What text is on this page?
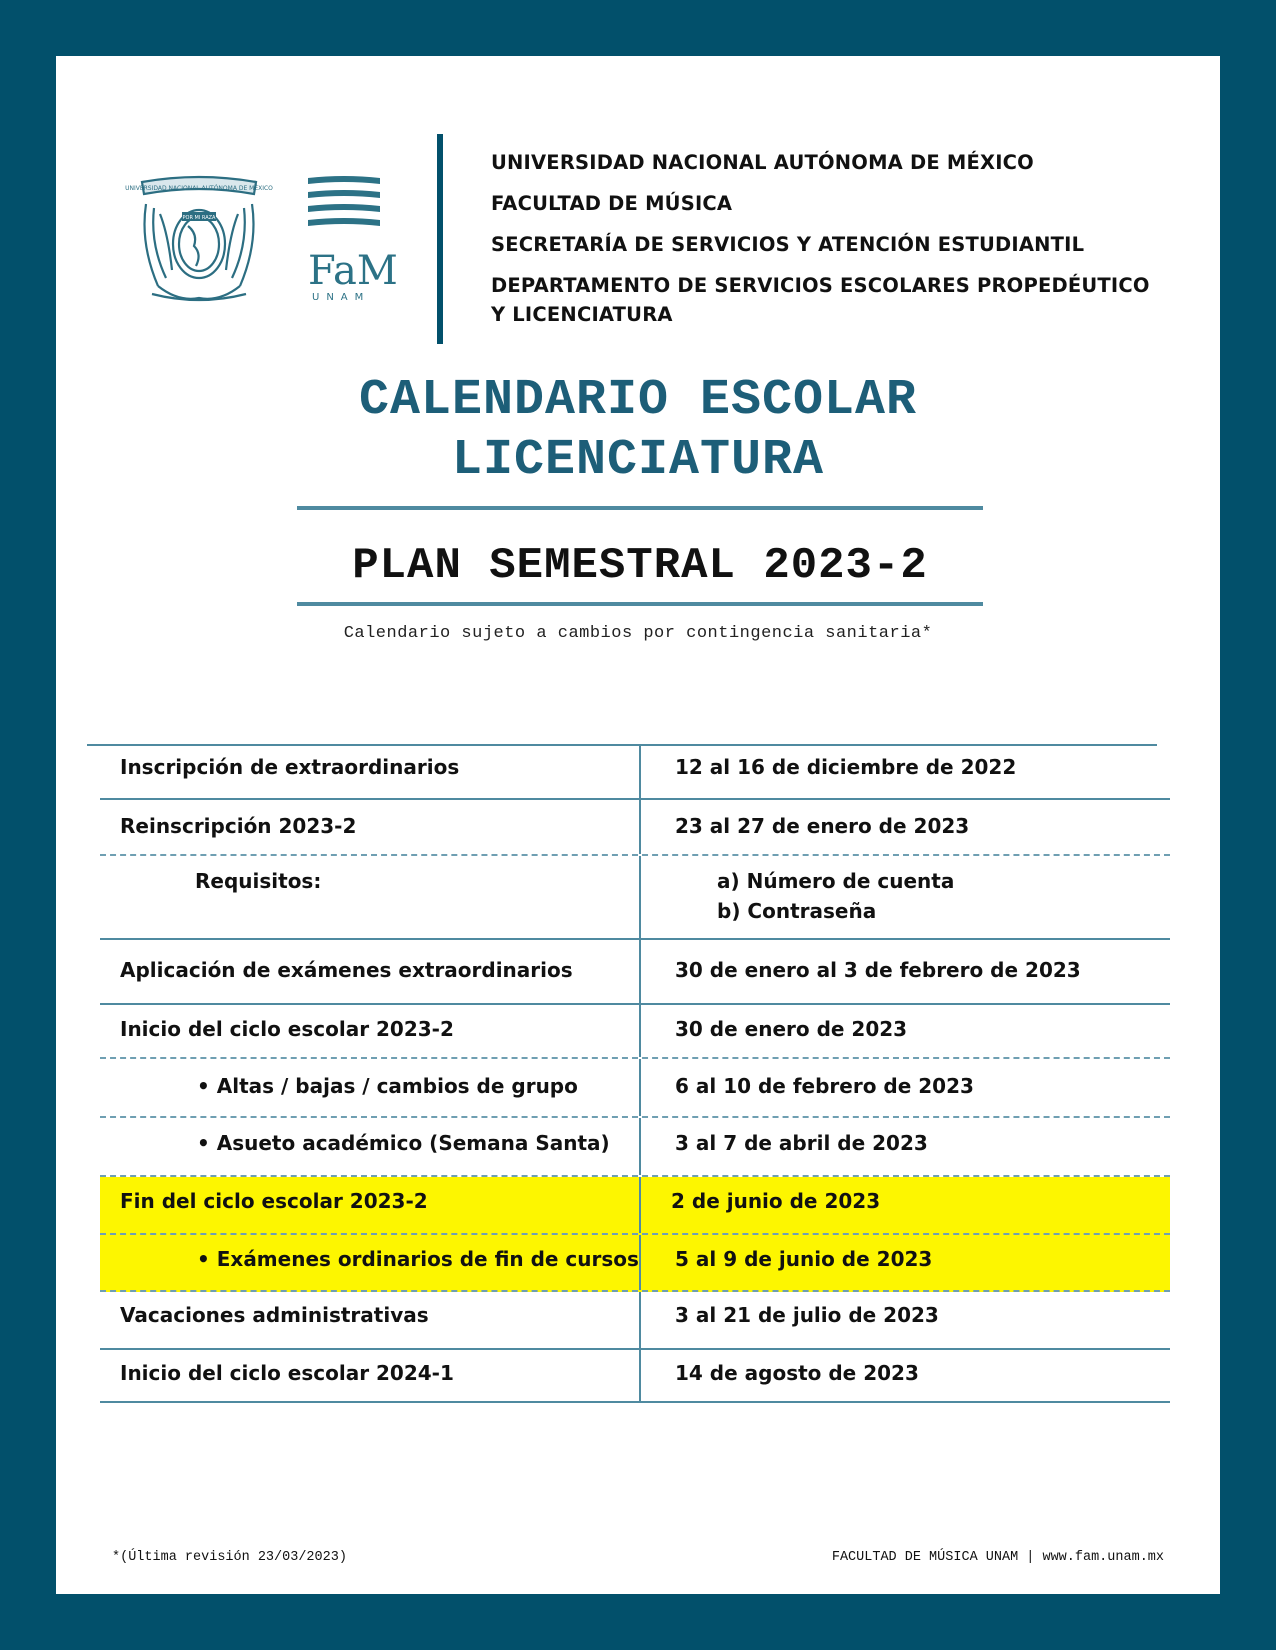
UNIVERSIDAD NACIONAL AUTÓNOMA DE MÉXICO
POR MI RAZA
FaM
UNAM
UNIVERSIDAD NACIONAL AUTÓNOMA DE MÉXICO
FACULTAD DE MÚSICA
SECRETARÍA DE SERVICIOS Y ATENCIÓN ESTUDIANTIL
DEPARTAMENTO DE SERVICIOS ESCOLARES PROPEDÉUTICO
Y LICENCIATURA
CALENDARIO ESCOLAR
LICENCIATURA
PLAN SEMESTRAL 2023-2
Calendario sujeto a cambios por contingencia sanitaria*
Inscripción de extraordinarios	12 al 16 de diciembre de 2022
Reinscripción 2023-2	23 al 27 de enero de 2023
Requisitos:	a) Número de cuenta
b) Contraseña
Aplicación de exámenes extraordinarios	30 de enero al 3 de febrero de 2023
Inicio del ciclo escolar 2023-2	30 de enero de 2023
• Altas / bajas / cambios de grupo	6 al 10 de febrero de 2023
• Asueto académico (Semana Santa)	3 al 7 de abril de 2023
Fin del ciclo escolar 2023-2	2 de junio de 2023
• Exámenes ordinarios de fin de cursos 5 al 9 de junio de 2023
Vacaciones administrativas	3 al 21 de julio de 2023
Inicio del ciclo escolar 2024-1	14 de agosto de 2023
*(Última revisión 23/03/2023)	FACULTAD DE MÚSICA UNAM | www.fam.unam.mx
